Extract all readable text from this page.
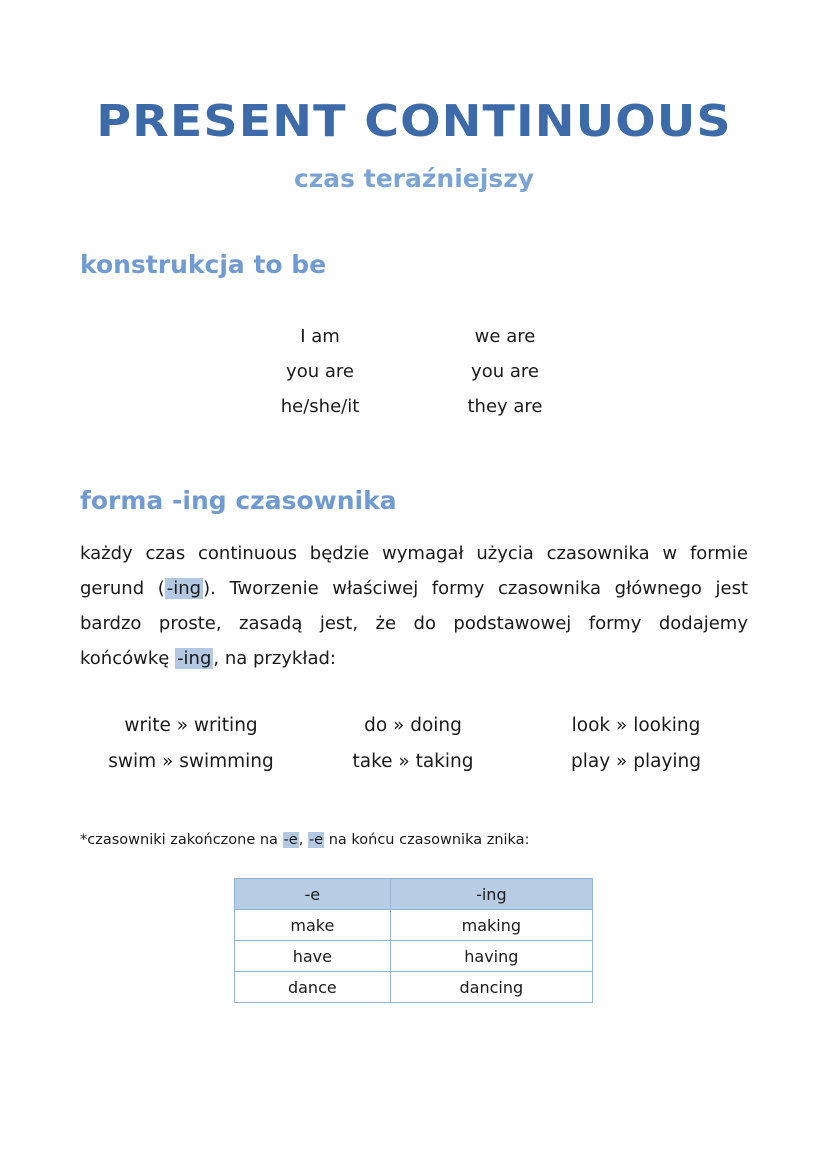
PRESENT CONTINUOUS
czas teraźniejszy
konstrukcja to be
I am	we are
you are	you are
he/she/it	they are
forma -ing czasownika
każdy czas continuous będzie wymagał użycia czasownika w formie gerund ( -ing ). Tworzenie właściwej formy czasownika głównego jest bardzo proste, zasadą jest, że do podstawowej formy dodajemy końcówkę -ing , na przykład:
write » writing	do » doing	look » looking
swim » swimming	take » taking	play » playing
*czasowniki zakończone na -e, -e na końcu czasownika znika:
-e	-ing
make	making
have	having
dance	dancing
